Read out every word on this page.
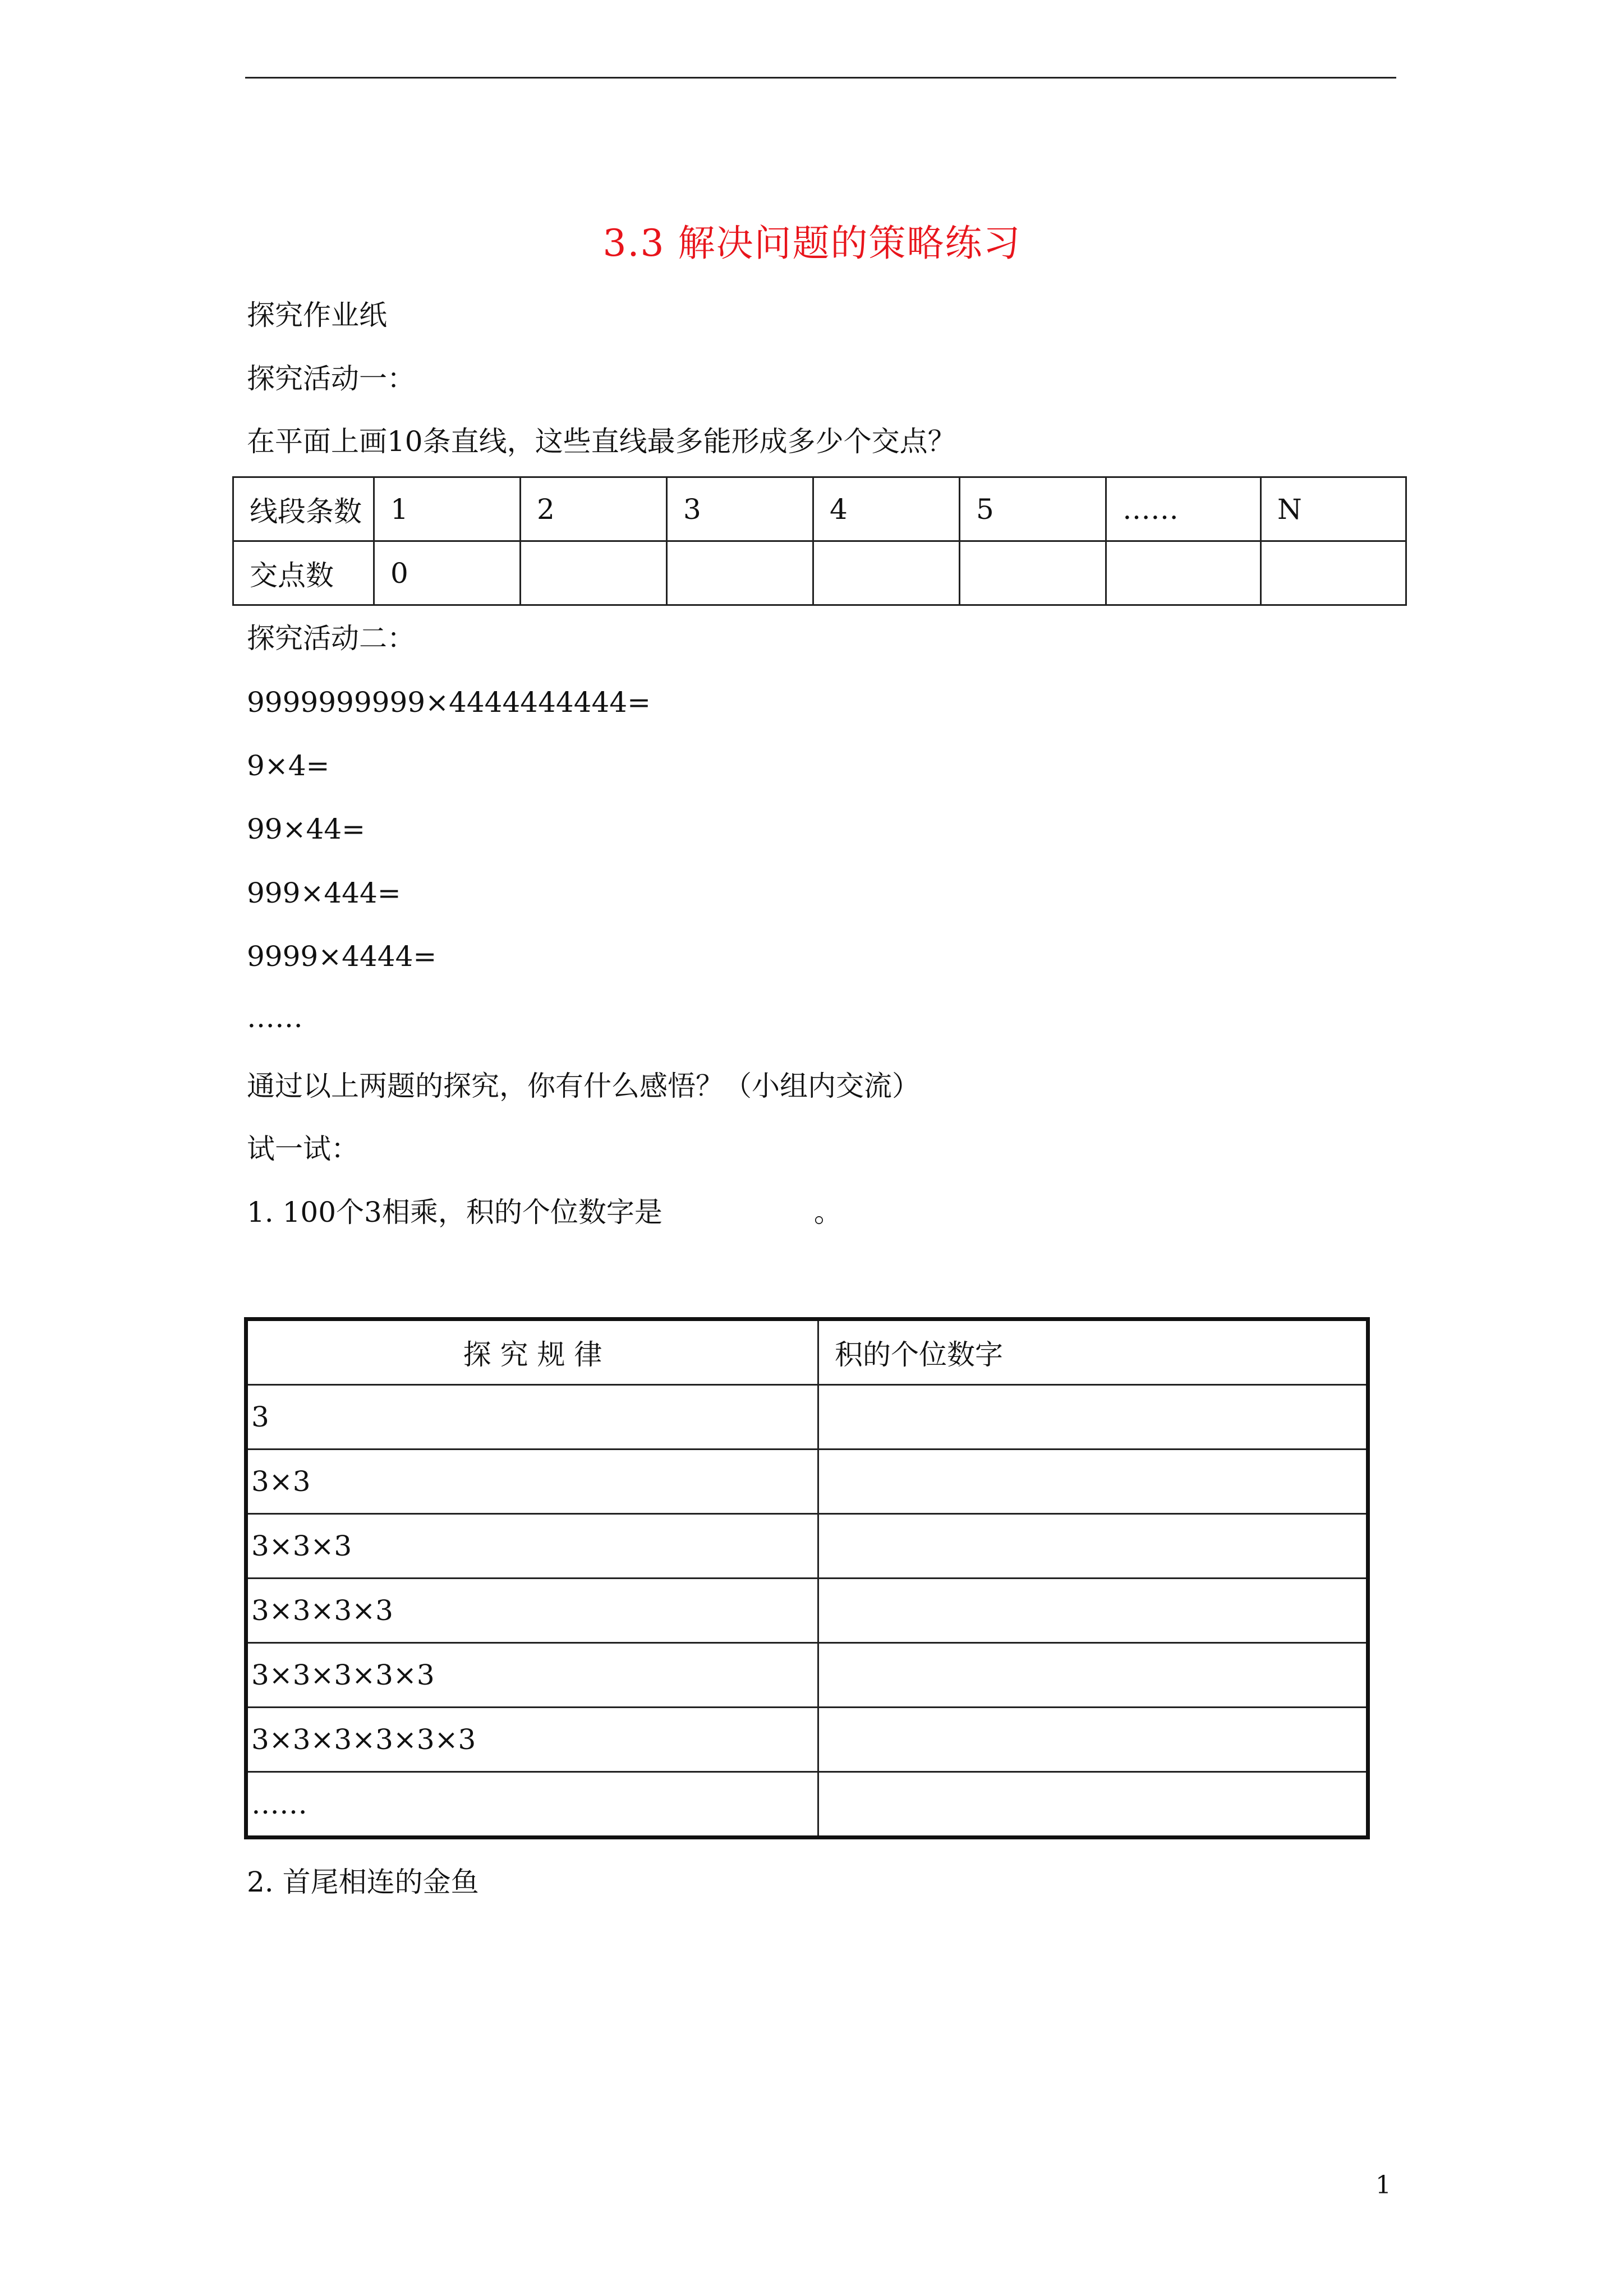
3.3 解决问题的策略练习
探究作业纸
探究活动一：
在平面上画10条直线，这些直线最多能形成多少个交点？
线段条数	1	2	3	4	5	……	N
交点数	0						
探究活动二：
9999999999×4444444444=
9×4=
99×44=
999×444=
9999×4444=
……
通过以上两题的探究，你有什么感悟？（小组内交流）
试一试：
1. 100个3相乘，积的个位数字是	。
探 究 规 律	积的个位数字
3	
3×3	
3×3×3	
3×3×3×3	
3×3×3×3×3	
3×3×3×3×3×3	
……	
2. 首尾相连的金鱼
1
